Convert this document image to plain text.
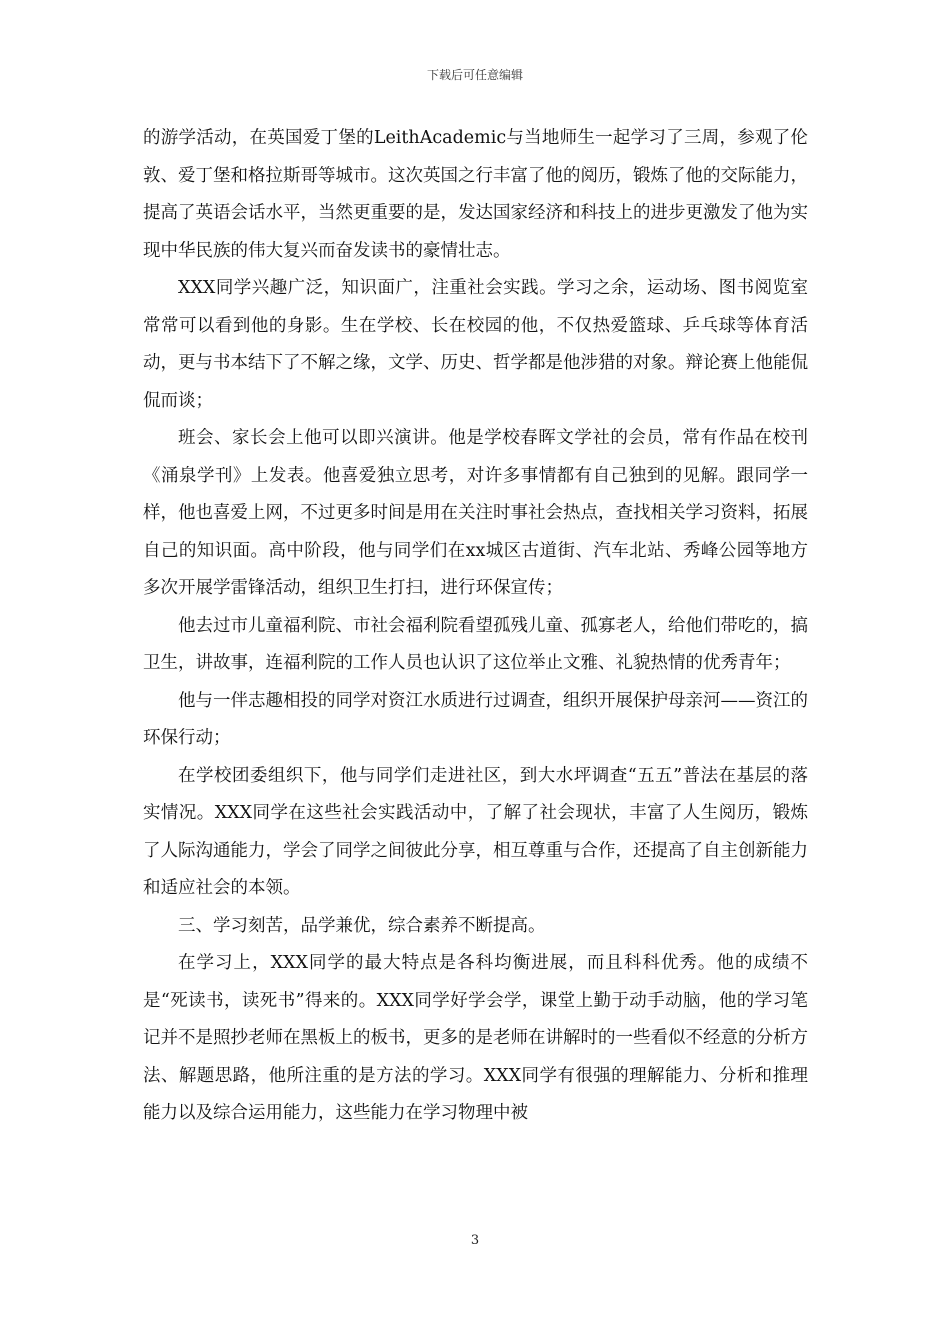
下载后可任意编辑

的游学活动，在英国爱丁堡的LeithAcademic与当地师生一起学习了三周，参观了伦敦、爱丁堡和格拉斯哥等城市。这次英国之行丰富了他的阅历，锻炼了他的交际能力，提高了英语会话水平，当然更重要的是，发达国家经济和科技上的进步更激发了他为实现中华民族的伟大复兴而奋发读书的豪情壮志。

XXX同学兴趣广泛，知识面广，注重社会实践。学习之余，运动场、图书阅览室常常可以看到他的身影。生在学校、长在校园的他，不仅热爱篮球、乒乓球等体育活动，更与书本结下了不解之缘，文学、历史、哲学都是他涉猎的对象。辩论赛上他能侃侃而谈；

班会、家长会上他可以即兴演讲。他是学校春晖文学社的会员，常有作品在校刊《涌泉学刊》上发表。他喜爱独立思考，对许多事情都有自己独到的见解。跟同学一样，他也喜爱上网，不过更多时间是用在关注时事社会热点，查找相关学习资料，拓展自己的知识面。高中阶段，他与同学们在xx城区古道街、汽车北站、秀峰公园等地方多次开展学雷锋活动，组织卫生打扫，进行环保宣传；

他去过市儿童福利院、市社会福利院看望孤残儿童、孤寡老人，给他们带吃的，搞卫生，讲故事，连福利院的工作人员也认识了这位举止文雅、礼貌热情的优秀青年；

他与一伴志趣相投的同学对资江水质进行过调查，组织开展保护母亲河——资江的环保行动；

在学校团委组织下，他与同学们走进社区，到大水坪调查“五五”普法在基层的落实情况。XXX同学在这些社会实践活动中，了解了社会现状，丰富了人生阅历，锻炼了人际沟通能力，学会了同学之间彼此分享，相互尊重与合作，还提高了自主创新能力和适应社会的本领。

三、学习刻苦，品学兼优，综合素养不断提高。

在学习上，XXX同学的最大特点是各科均衡进展，而且科科优秀。他的成绩不是“死读书，读死书”得来的。XXX同学好学会学，课堂上勤于动手动脑，他的学习笔记并不是照抄老师在黑板上的板书，更多的是老师在讲解时的一些看似不经意的分析方法、解题思路，他所注重的是方法的学习。XXX同学有很强的理解能力、分析和推理能力以及综合运用能力，这些能力在学习物理中被

3
